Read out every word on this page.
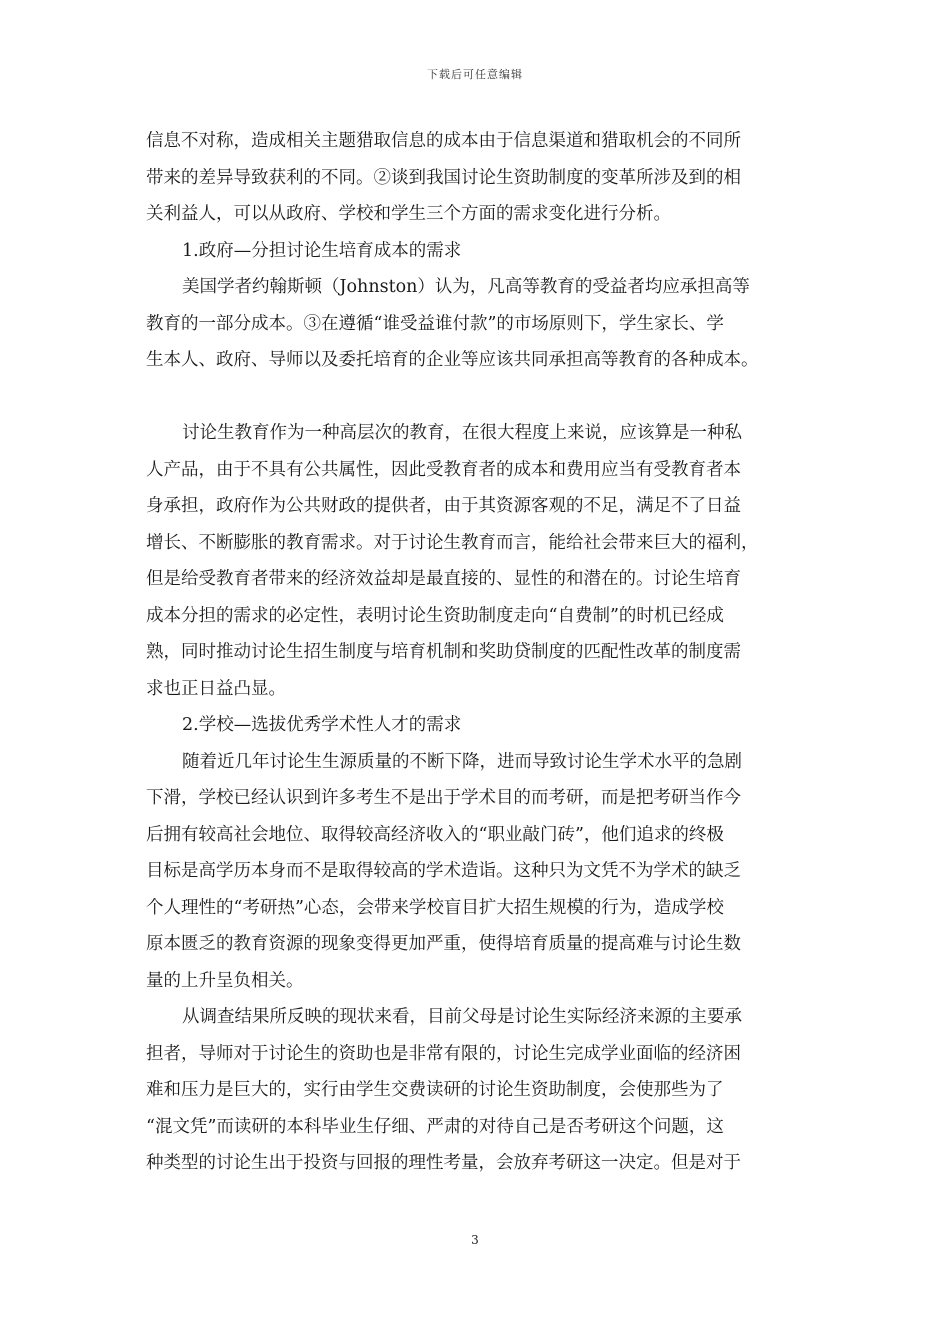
下载后可任意编辑
信息不对称，造成相关主题猎取信息的成本由于信息渠道和猎取机会的不同所
带来的差异导致获利的不同。②谈到我国讨论生资助制度的变革所涉及到的相
关利益人，可以从政府、学校和学生三个方面的需求变化进行分析。
1.政府—分担讨论生培育成本的需求
美国学者约翰斯顿（Johnston）认为，凡高等教育的受益者均应承担高等
教育的一部分成本。③在遵循“谁受益谁付款”的市场原则下，学生家长、学
生本人、政府、导师以及委托培育的企业等应该共同承担高等教育的各种成本。
讨论生教育作为一种高层次的教育，在很大程度上来说，应该算是一种私
人产品，由于不具有公共属性，因此受教育者的成本和费用应当有受教育者本
身承担，政府作为公共财政的提供者，由于其资源客观的不足，满足不了日益
增长、不断膨胀的教育需求。对于讨论生教育而言，能给社会带来巨大的福利，
但是给受教育者带来的经济效益却是最直接的、显性的和潜在的。讨论生培育
成本分担的需求的必定性，表明讨论生资助制度走向“自费制”的时机已经成
熟，同时推动讨论生招生制度与培育机制和奖助贷制度的匹配性改革的制度需
求也正日益凸显。
2.学校—选拔优秀学术性人才的需求
随着近几年讨论生生源质量的不断下降，进而导致讨论生学术水平的急剧
下滑，学校已经认识到许多考生不是出于学术目的而考研，而是把考研当作今
后拥有较高社会地位、取得较高经济收入的“职业敲门砖”，他们追求的终极
目标是高学历本身而不是取得较高的学术造诣。这种只为文凭不为学术的缺乏
个人理性的“考研热”心态，会带来学校盲目扩大招生规模的行为，造成学校
原本匮乏的教育资源的现象变得更加严重，使得培育质量的提高难与讨论生数
量的上升呈负相关。
从调查结果所反映的现状来看，目前父母是讨论生实际经济来源的主要承
担者，导师对于讨论生的资助也是非常有限的，讨论生完成学业面临的经济困
难和压力是巨大的，实行由学生交费读研的讨论生资助制度，会使那些为了
“混文凭”而读研的本科毕业生仔细、严肃的对待自己是否考研这个问题，这
种类型的讨论生出于投资与回报的理性考量，会放弃考研这一决定。但是对于
3
